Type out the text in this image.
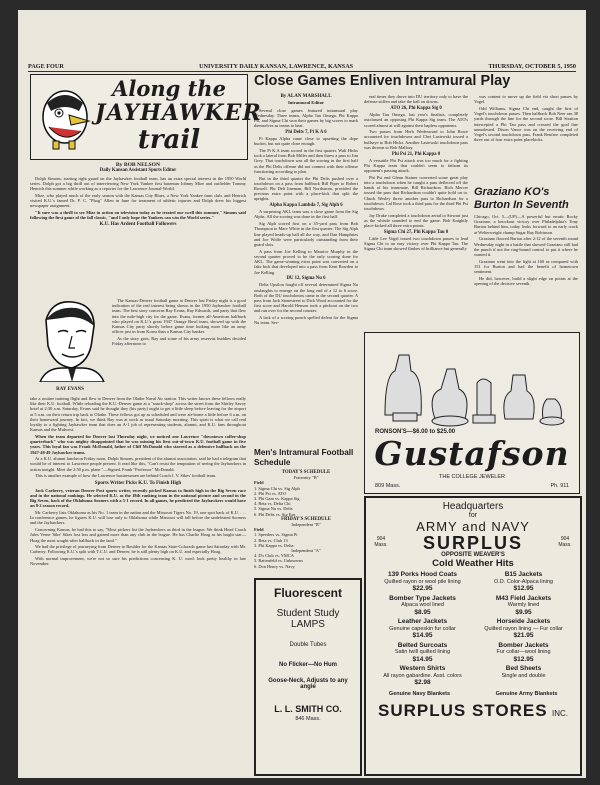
PAGE FOUR	UNIVERSITY DAILY KANSAN, LAWRENCE, KANSAS	THURSDAY, OCTOBER 5, 1950
Along the
JAYHAWKER
trail
By BOB NELSON
Daily Kansan Assistant Sports Editor

Dolph Simons, starting right guard on the Jayhawker football team, has an extra special interest in the 1950 World series. Dolph got a big thrill out of interviewing New York Yankee first baseman Johnny Mize and outfielder Tommy Henrich this summer while working as a reporter for the Lawrence Journal-World.

Mize, who played much of the early season with the Kansas City Blues, a New York Yankee farm club, and Henrich visited K.U.'s famed Dr. F. C. "Phog" Allen in June for treatment of athletic injuries and Dolph drew his biggest newspaper assignment.

"It sure was a thrill to see Mize in action on television today as he treated our swell this summer," Simons said following the first game of the fall classic, "and I only hope the Yankees can win the World series."

K.U. Has Ardent Football Followers
RAY EVANS

The Kansas-Denver football game at Denver last Friday night is a good indication of the real interest being shown in the 1950 Jayhawker football team. The best story concerns Ray Evans, Ray Edwards, and party that flew into the mile-high city for the game. Evans, former all-American halfback who played on K.U.'s great 1947 Orange Bowl team, showed up with the Kansas City party shortly before game time looking more like an army officer just in from Korea than a Kansas City banker.

As the story goes, Ray and some of his army reservist buddies decided Friday afternoon to

take a routine training flight and flew to Denver from the Olathe Naval Air station. This writer knows these fellows really like their K.U. football. While reloading the K.U.-Denver game at a "snack-shop" across the street from the Shirley Savoy hotel at 2:30 a.m. Saturday, Evans said he thought they (his party) ought to get a little sleep before leaving for the airport at 5 a.m. on their return trip back to Olathe. These fellows got up as scheduled and were air-borne a little before 6 a.m. on their homeward journey. In fact, we think Ray was at work as usual Saturday morning. This spirit is what we call real loyalty to a fighting Jayhawker team that does an A-1 job of representing students, alumni, and K.U. fans throughout Kansas and the Midwest.

When the team departed for Denver last Thursday night, we noticed one Lawrence "downtown coffee-shop quarterback" who was mighty disappointed that he was missing his first out-of-town K.U. football game in five years. This loyal fan was Frank McDonald, father of Cliff McDonald who starred as a defensive halfback on the 1947-48-49 Jayhawker teams.

At a K.U. alumni luncheon Friday noon, Dolph Simons, president of the alumni association, said he had a telegram that would be of interest to Lawrence people present. It read like this, "Can't resist the temptation of seeing the Jayhawkers in action tonight. Meet the 2:50 p.m. plane."—Signed, Frank "Professor" McDonald.

This is another example of how the Lawrence businessmen are behind Coach J. V. Sikes' football team.

Sports Writer Picks K.U. To Finish High

Jack Carberry, veteran Denver Post sports writer, recently picked Kansas to finish high in the Big Seven race and in the national rankings. He selected K.U. as the 18th ranking team in the national picture and second in the Big Seven, back of the Oklahoma Sooners with a 5-1 record. In all games, he predicted the Jayhawkers would have an 8-2 season record.

Mr. Carberry lists Oklahoma as his No. 1 team in the nation and the Missouri Tigers No. 19, one spot back of K.U. . . . In conference games, he figures K.U. will lose only to Oklahoma while Missouri will fall before the undefeated Sooners and the Jayhawkers.

Concerning Kansas, he had this to say, "Most pickers list the Jayhawkers as third in the league. We think Head Coach Jules Verne 'Sike' Sikes lost less and gained more than any club in the league. He has Charlie Hoag as his bright star—Hoag the most sought-after halfback in the land."

We had the privilege of journeying from Denver to Boulder for the Kansas State-Colorado game last Saturday with Mr. Carberry. Following K.U.'s split with T.C.U. and Denver, he is still plenty high on K.U. and especially Hoag.

With normal improvement, we're not so sure his predictions concerning K. U. won't look pretty healthy in late November.

Close Games Enliven Intramural Play
By ALAN MARSHALL
Intramural Editor

Several close games featured intramural play Wednesday. Three teams, Alpha Tau Omega, Phi Kappa Psi, and Sigma Chi won their games by big scores to mark themselves as teams to beat.

Phi Delts 7, Pi K A 6

Pi Kappa Alpha came close to upsetting the dope bucket, but not quite close enough.

The Pi K A team scored in the first quarter. Walt Hicks took a lateral from Bob Miller and then threw a pass to Jim Grey. That touchdown was all the scoring in the first half as the Phi Delts offense did not connect with their offense functioning according to plan.

But in the third quarter the Phi Delts pushed over a touchdown on a pass from halfback Bill Piper to Robert Rowell. Phi Delt lineman, Bill Nordstrom, provided the precious extra point with a place-kick that split the uprights.

Alpha Kappa Lambda 7, Sig Alph 6

A surprising AKL team was a close game from the Sig Alphs. All the scoring was done in the first half.

Sig Alph scored first on a 35-yard pass from Bob Thompson to Marv White in the first quarter. The Sig Alph line played heads-up ball all the way, and Dan Hamphries and Joe Wolfe were particularly outstanding from their guard slots.

A pass from Joe Kelling to Maurice Murphy in the second quarter proved to be the only scoring done for AKL. The game-winning extra point was converted on a fake kick that developed into a pass from Kent Bowden to Joe Kelling.

DU 12, Sigma Nu 6

Delta Upsilon fought off several determined Sigma Nu onslaughts to emerge on the long end of a 12 to 6 score. Both of the DU touchdowns came in the second quarter. A pass from Jack Stonestreet to Dick Wood accounted for the first score and Harold Henson took a pitchout on the two and ran over for the second counter.

A lack of a scoring punch spelled defeat for the Sigma Nu team. Sev-

eral times they drove into DU territory only to have the defense stiffen and take the ball on downs.

ATO 26, Phi Kappa Sig 0

Alpha Tau Omega, last year's finalists, completely outclassed an opposing Phi Kappa Sig team. The ATO's scored almost at will against their hapless opponents.

Two passes from Herb Wedenward to John Rowe accounted for touchdowns and Chet Lasiewski tossed a bullseye to Bob Hicks. Another Lasiewski touchdown pass was thrown to Bob Mallory.

Phi Psi 21, Phi Kappa 0

A versatile Phi Psi attack was too much for a fighting Phi Kappa team that couldn't seem to fathom its opponent's passing attack.

Phi Psi end Glenn Stainer converted some great play into a touchdown when he caught a pass deflected off the hands of his teammate, Bill Richardson. Rich Mercer tossed the pass that Richardson couldn't quite hold on to. Chuck Wesley threw another pass to Richardson for a touchdown. Cal Rose took a third pass for the third Phi Psi touchdown.

Jay Drake completed a touchdown aerial to Stewart just as the whistle sounded to end the game. Bob Knightly place-kicked all three extra points.

Sigma Chi 27, Phi Kappa Tau 0

Little Lee Vogel tossed two touchdown passes to lead Sigma Chi to an easy victory over Phi Kappa Tau. The Sigma Chi team showed flashes of brilliance but generally

was content to move up the field via short passes by Vogel.

Odd Williams, Sigma Chi end, caught the first of Vogel's touchdown passes. Then halfback Bob Neer ran 38 yards through the line for the second score. Bill Stratton intercepted a Phi Tau pass and crossed the goal line unmolested. Dixon Vance was on the receiving end of Vogel's second touchdown pass. Frank Renfroe completed three out of four extra point placekicks.

Graziano KO's Burton In Seventh

Chicago, Oct. 5—(UP)—A powerful but erratic Rocky Graziano, a knockout victory over Philadelphia's Tony Burton behind him, today looks forward to an early crack at Welterweight champ Sugar Ray Robinson.

Graziano floored Burton after 2:12 of the seventh round Wednesday night in a battle that showed Graziano still had the punch if not the ring-bound control to put it where he wanted it.

Graziano went into the fight at 160 as compared with 151 for Burton and had the benefit of hometown sentiment.

He did, however, build a slight edge on points at the opening of the decisive seventh.

Men's Intramural Football Schedule
TODAY'S SCHEDULE
Fraternity "B"
Field
1. Sigma Chi vs. Sig Alph
2. Phi Psi vs. ATO
3. Phi Gam vs. Kappa Sig
4. Beta vs. Delta Chi
5. Sigma Nu vs. Delts
6. Phi Delts vs. Sig Eps
FRIDAY'S SCHEDULE
Independent "B"
Field
1. Speeders vs. Sigma Pi
2. Beta vs. Club 13
3. Phi Kappa vs. Delta
Independent "A"
4. D's Club vs. YMCA
5. Battenfeld vs. Unknowns
6. Don Henry vs. Navy
Fluorescent
Student Study
LAMPS
Double Tubes
No Flicker—No Hum
Goose-Neck, Adjusts to any angle
L. L. SMITH CO.
846 Mass.
RONSON'S—$6.00 to $25.00
Gustafson
THE COLLEGE JEWELER
809 Mass.	Ph. 911
Headquarters
for
ARMY and NAVY
904 Mass.	SURPLUS	904 Mass.
OPPOSITE WEAVER'S
Cold Weather Hits
139 Porks Hood Coats
Quilted rayon or wool pile lining
$22.95
Bomber Type Jackets
Alpaca wool lined
$8.95
Leather Jackets
Genuine capeskin fur collar
$14.95
Belted Surcoats
Satin twill quilted lining
$14.95
Western Shirts
All rayon gabardine. Asst. colors
$2.98
B15 Jackets
O.D. Color-Alpaca lining
$12.95
M43 Field Jackets
Warmly lined
$9.95
Horseide Jackets
Quilted rayon lining — Fur collar
$21.95
Bomber Jackets
Fur collar—wool lining
$12.95
Bed Sheets
Single and double
Genuine Navy Blankets	Genuine Army Blankets
SURPLUS STORES INC.
